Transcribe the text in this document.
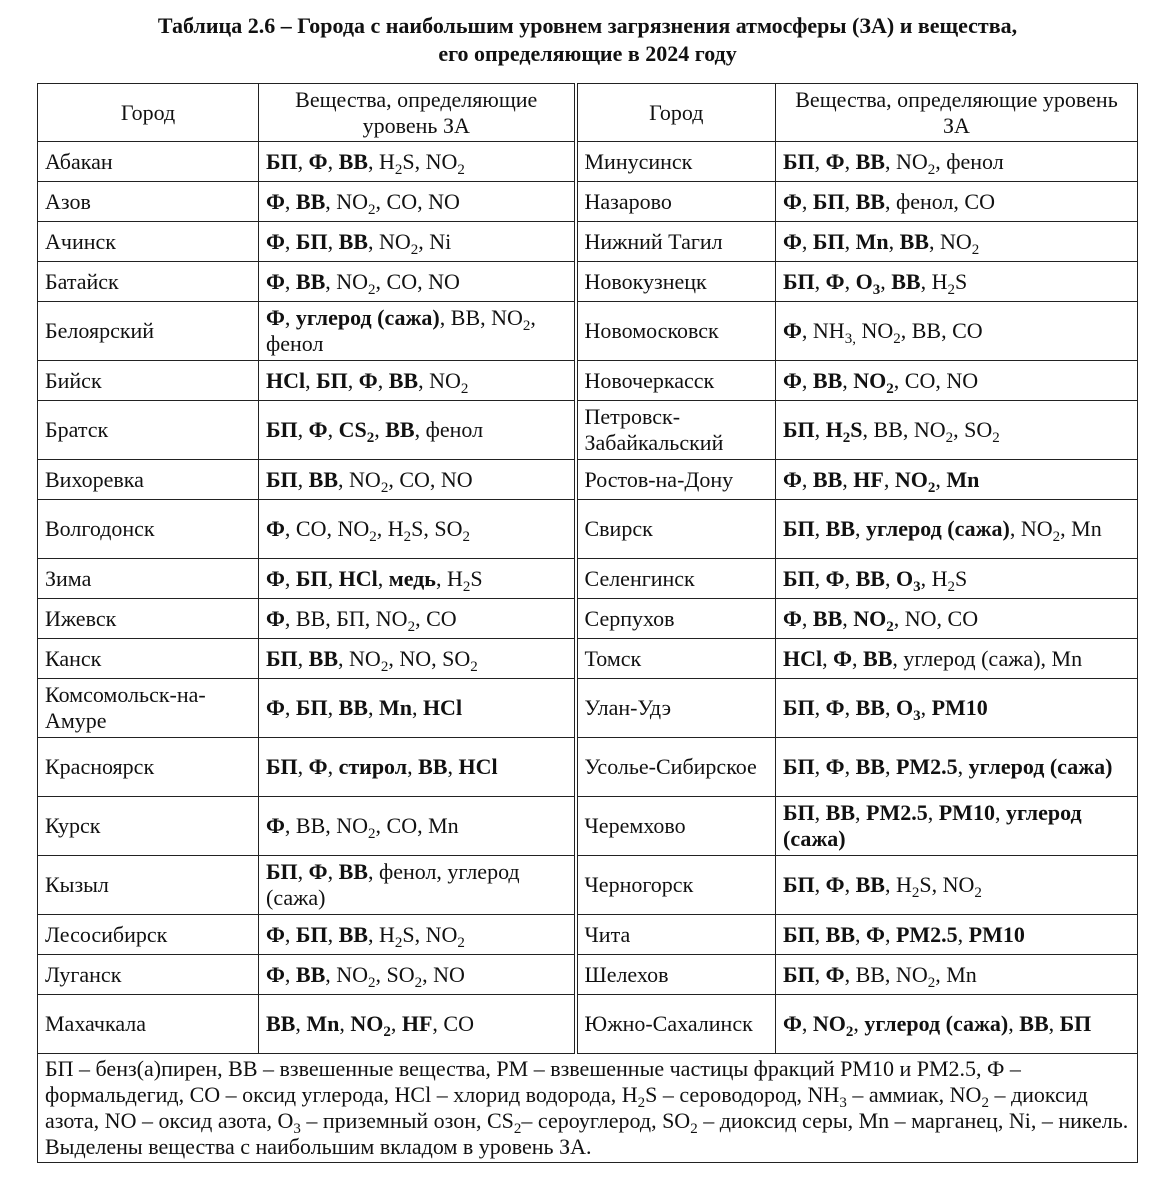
Таблица 2.6 – Города с наибольшим уровнем загрязнения атмосферы (ЗА) и вещества,
его определяющие в 2024 году
Город	Вещества, определяющие уровень ЗА	Город	Вещества, определяющие уровень ЗА
Абакан	БП, Ф, ВВ, $H_2S$, $NO_2$	Минусинск	БП, Ф, ВВ, $NO_2$, фенол
Азов	Ф, ВВ, $NO_2$, CO, NO	Назарово	Ф, БП, ВВ, фенол, CO
Ачинск	Ф, БП, ВВ, $NO_2$, Ni	Нижний Тагил	Ф, БП, Mn, ВВ, $NO_2$
Батайск	Ф, ВВ, $NO_2$, CO, NO	Новокузнецк	БП, Ф, $O_3$, ВВ, $H_2S$
Белоярский	Ф, углерод (сажа), ВВ, $NO_2$, фенол	Новомосковск	Ф, $NH_{3,}$ $NO_2$, ВВ, CO
Бийск	HCl, БП, Ф, ВВ, $NO_2$	Новочеркасск	Ф, ВВ, $NO_2$, CO, NO
Братск	БП, Ф, $CS_2$, ВВ, фенол	Петровск-Забайкальский	БП, $H_2S$, ВВ, $NO_2$, $SO_2$
Вихоревка	БП, ВВ, $NO_2$, CO, NO	Ростов-на-Дону	Ф, ВВ, HF, $NO_2$, Mn
Волгодонск	Ф, CO, $NO_2$, $H_2S$, $SO_2$	Свирск	БП, ВВ, углерод (сажа), $NO_2$, Mn
Зима	Ф, БП, HCl, медь, $H_2S$	Селенгинск	БП, Ф, ВВ, $O_3$, $H_2S$
Ижевск	Ф, ВВ, БП, $NO_2$, CO	Серпухов	Ф, ВВ, $NO_2$, NO, CO
Канск	БП, ВВ, $NO_2$, NO, $SO_2$	Томск	HCl, Ф, ВВ, углерод (сажа), Mn
Комсомольск-на-Амуре	Ф, БП, ВВ, Mn, HCl	Улан-Удэ	БП, Ф, ВВ, $O_3$, PM10
Красноярск	БП, Ф, стирол, ВВ, HCl	Усолье-Сибирское	БП, Ф, ВВ, PM2.5, углерод (сажа)
Курск	Ф, ВВ, $NO_2$, CO, Mn	Черемхово	БП, ВВ, PM2.5, PM10, углерод (сажа)
Кызыл	БП, Ф, ВВ, фенол, углерод (сажа)	Черногорск	БП, Ф, ВВ, $H_2S$, $NO_2$
Лесосибирск	Ф, БП, ВВ, $H_2S$, $NO_2$	Чита	БП, ВВ, Ф, PM2.5, PM10
Луганск	Ф, ВВ, $NO_2$, $SO_2$, NO	Шелехов	БП, Ф, ВВ, $NO_2$, Mn
Махачкала	ВВ, Mn, $NO_2$, HF, CO	Южно-Сахалинск	Ф, $NO_2$, углерод (сажа), ВВ, БП

БП – бенз(а)пирен, ВВ – взвешенные вещества, РМ – взвешенные частицы фракций РМ10 и РМ2.5, Ф – формальдегид, СО – оксид углерода, HCl – хлорид водорода, $H_2S$ – сероводород, $NH_3$ – аммиак, $NO_2$ – диоксид азота, NO – оксид азота, $O_3$ – приземный озон, $CS_2-$ сероуглерод, $SO_2$ – диоксид серы, Mn – марганец, Ni, – никель.

Выделены вещества с наибольшим вкладом в уровень ЗА.			
